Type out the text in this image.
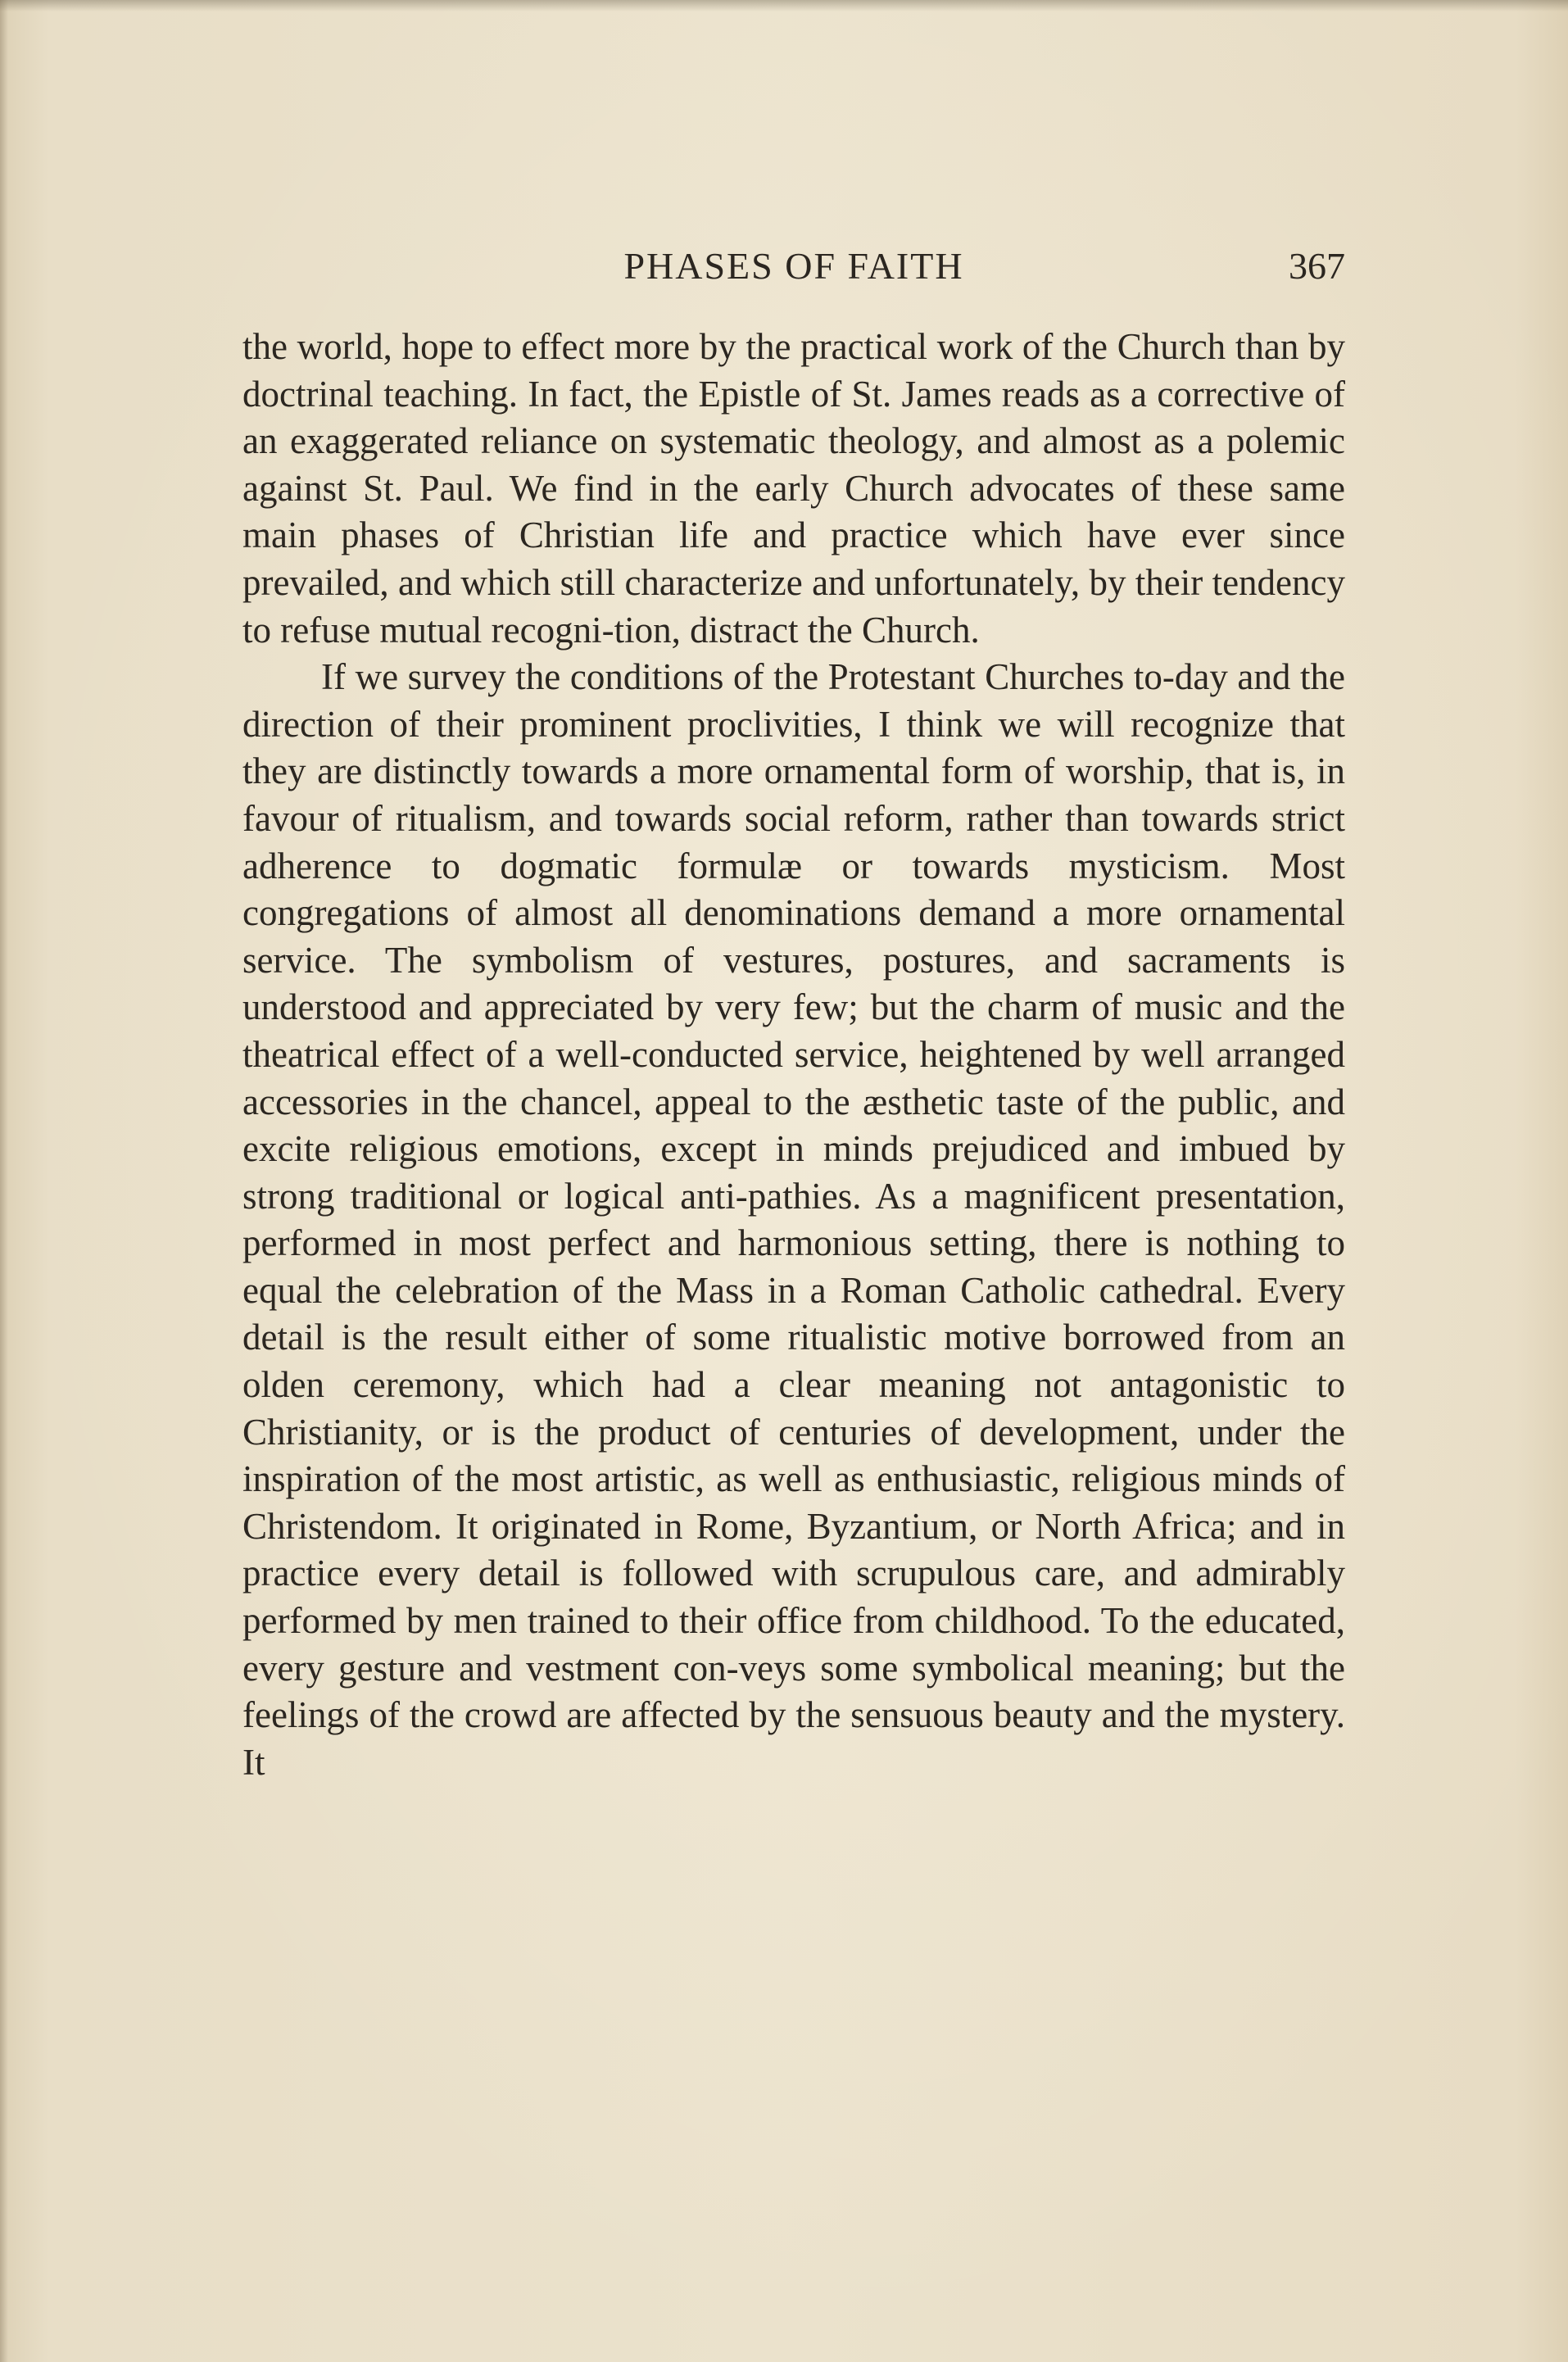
PHASES OF FAITH	367

the world, hope to effect more by the practical work of the Church than by doctrinal teaching. In fact, the Epistle of St. James reads as a corrective of an exaggerated reliance on systematic theology, and almost as a polemic against St. Paul. We find in the early Church advocates of these same main phases of Christian life and practice which have ever since prevailed, and which still characterize and unfortunately, by their tendency to refuse mutual recogni-tion, distract the Church.

If we survey the conditions of the Protestant Churches to-day and the direction of their prominent proclivities, I think we will recognize that they are distinctly towards a more ornamental form of worship, that is, in favour of ritualism, and towards social reform, rather than towards strict adherence to dogmatic formulæ or towards mysticism. Most congregations of almost all denominations demand a more ornamental service. The symbolism of vestures, postures, and sacraments is understood and appreciated by very few; but the charm of music and the theatrical effect of a well-conducted service, heightened by well arranged accessories in the chancel, appeal to the æsthetic taste of the public, and excite religious emotions, except in minds prejudiced and imbued by strong traditional or logical anti-pathies. As a magnificent presentation, performed in most perfect and harmonious setting, there is nothing to equal the celebration of the Mass in a Roman Catholic cathedral. Every detail is the result either of some ritualistic motive borrowed from an olden ceremony, which had a clear meaning not antagonistic to Christianity, or is the product of centuries of development, under the inspiration of the most artistic, as well as enthusiastic, religious minds of Christendom. It originated in Rome, Byzantium, or North Africa; and in practice every detail is followed with scrupulous care, and admirably performed by men trained to their office from childhood. To the educated, every gesture and vestment con-veys some symbolical meaning; but the feelings of the crowd are affected by the sensuous beauty and the mystery. It
